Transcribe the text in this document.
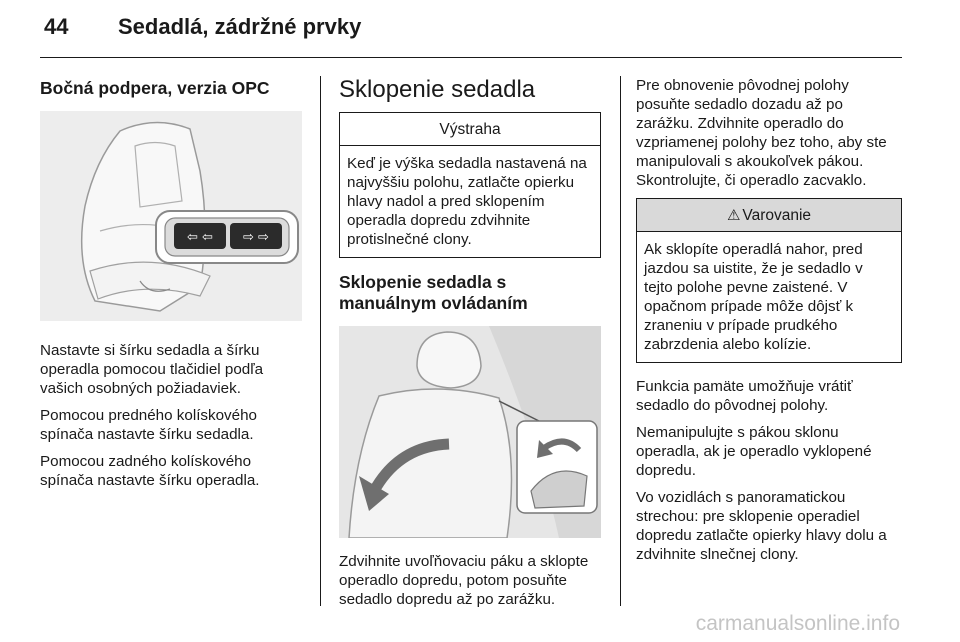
44 Sedadlá, zádržné prvky
Bočná podpera, verzia OPC
⇦ ⇦ ⇨ ⇨

Nastavte si šírku sedadla a šírku operadla pomocou tlačidiel podľa vašich osobných požiadaviek.

Pomocou predného kolískového spínača nastavte šírku sedadla.

Pomocou zadného kolískového spínača nastavte šírku operadla.

Sklopenie sedadla
Výstraha
Keď je výška sedadla nastavená na najvyššiu polohu, zatlačte opierku hlavy nadol a pred sklopením operadla dopredu zdvihnite protislnečné clony.
Sklopenie sedadla s manuálnym ovládaním

Zdvihnite uvoľňovaciu páku a sklopte operadlo dopredu, potom posuňte sedadlo dopredu až po zarážku.

Pre obnovenie pôvodnej polohy posuňte sedadlo dozadu až po zarážku. Zdvihnite operadlo do vzpriamenej polohy bez toho, aby ste manipulovali s akoukoľvek pákou. Skontrolujte, či operadlo zacvaklo.

⚠ Varovanie
Ak sklopíte operadlá nahor, pred jazdou sa uistite, že je sedadlo v tejto polohe pevne zaistené. V opačnom prípade môže dôjsť k zraneniu v prípade prudkého zabrzdenia alebo kolízie.

Funkcia pamäte umožňuje vrátiť sedadlo do pôvodnej polohy.

Nemanipulujte s pákou sklonu operadla, ak je operadlo vyklopené dopredu.

Vo vozidlách s panoramatickou strechou: pre sklopenie operadiel dopredu zatlačte opierky hlavy dolu a zdvihnite slnečnej clony.

carmanualsonline.info
